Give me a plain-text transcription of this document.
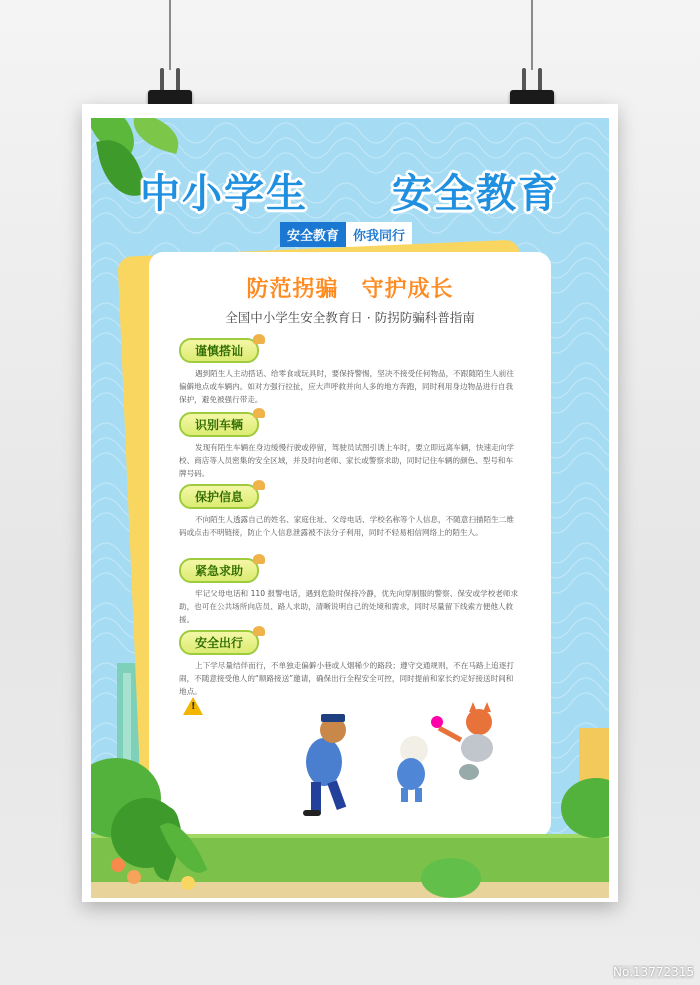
中小学生　　安全教育
安全教育	你我同行
防范拐骗　守护成长
全国中小学生安全教育日 · 防拐防骗科普指南
谨慎搭讪
遇到陌生人主动搭话、给零食或玩具时，要保持警惕，坚决不接受任何物品，不跟随陌生人前往偏僻地点或车辆内。如对方强行拉扯，应大声呼救并向人多的地方奔跑，同时利用身边物品进行自我保护，避免被强行带走。
识别车辆
发现有陌生车辆在身边缓慢行驶或停留，驾驶员试图引诱上车时，要立即远离车辆，快速走向学校、商店等人员密集的安全区域，并及时向老师、家长或警察求助，同时记住车辆的颜色、型号和车牌号码。
保护信息
不向陌生人透露自己的姓名、家庭住址、父母电话、学校名称等个人信息，不随意扫描陌生二维码或点击不明链接，防止个人信息泄露被不法分子利用，同时不轻易相信网络上的陌生人。
紧急求助
牢记父母电话和 110 报警电话，遇到危险时保持冷静，优先向穿制服的警察、保安或学校老师求助，也可在公共场所向店员、路人求助，清晰说明自己的处境和需求，同时尽量留下线索方便他人救援。
安全出行
上下学尽量结伴而行，不单独走偏僻小巷或人烟稀少的路段；遵守交通规则，不在马路上追逐打闹，不随意接受他人的“顺路接送”邀请，确保出行全程安全可控，同时提前和家长约定好接送时间和地点。
!
No.13772315
